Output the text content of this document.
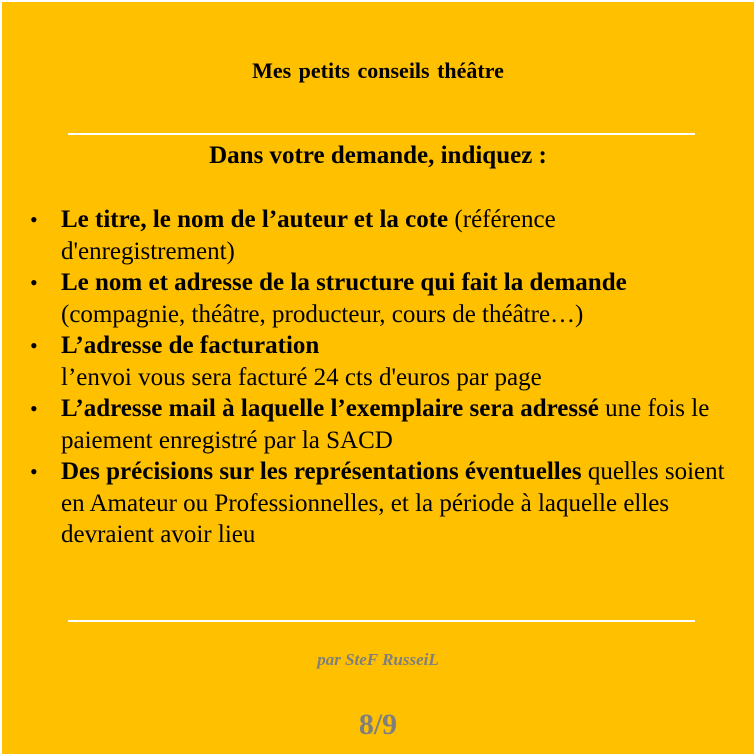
Mes petits conseils théâtre

Dans votre demande, indiquez :

• Le titre, le nom de l’auteur et la cote (référence d'enregistrement)
• Le nom et adresse de la structure qui fait la demande (compagnie, théâtre, producteur, cours de théâtre…)
• L’adresse de facturation
l’envoi vous sera facturé 24 cts d'euros par page
• L’adresse mail à laquelle l’exemplaire sera adressé une fois le paiement enregistré par la SACD
• Des précisions sur les représentations éventuelles quelles soient en Amateur ou Professionnelles, et la période à laquelle elles devraient avoir lieu

par SteF RusseiL

8/9
